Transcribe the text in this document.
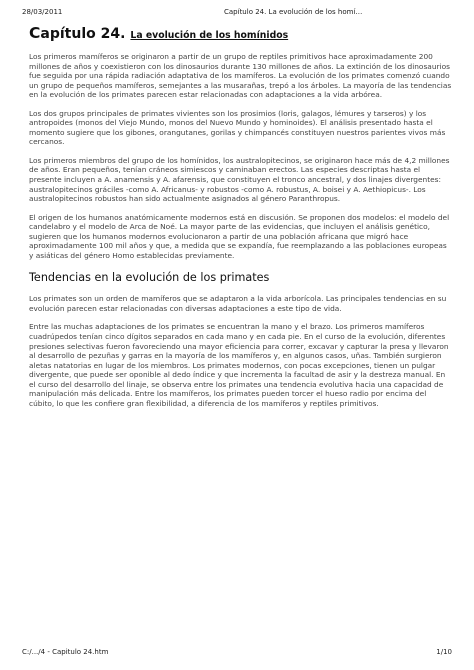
28/03/2011	Capítulo 24. La evolución de los homí…
C apítulo 24. La evolución de los homínidos

Los primeros mamíferos se originaron a partir de un grupo de reptiles primitivos hace aproximadamente 200 millones de años y coexistieron con los dinosaurios durante 130 millones de años. La extinción de los dinosaurios fue seguida por una rápida radiación adaptativa de los mamíferos. La evolución de los primates comenzó cuando un grupo de pequeños mamíferos, semejantes a las musarañas, trepó a los árboles. La mayoría de las tendencias en la evolución de los primates parecen estar relacionadas con adaptaciones a la vida arbórea.

Los dos grupos principales de primates vivientes son los prosimios (loris, galagos, lémures y tarseros) y los antropoides (monos del Viejo Mundo, monos del Nuevo Mundo y hominoides). El análisis presentado hasta el momento sugiere que los gibones, orangutanes, gorilas y chimpancés constituyen nuestros parientes vivos más cercanos.

Los primeros miembros del grupo de los homínidos, los australopitecinos, se originaron hace más de 4,2 millones de años. Eran pequeños, tenían cráneos simiescos y caminaban erectos. Las especies descriptas hasta el presente incluyen a A. anamensis y A. afarensis, que constituyen el tronco ancestral, y dos linajes divergentes: australopitecinos gráciles -como A. Africanus- y robustos -como A. robustus, A. boisei y A. Aethiopicus-. Los australopitecinos robustos han sido actualmente asignados al género Paranthropus.

El origen de los humanos anatómicamente modernos está en discusión. Se proponen dos modelos: el modelo del candelabro y el modelo de Arca de Noé. La mayor parte de las evidencias, que incluyen el análisis genético, sugieren que los humanos modernos evolucionaron a partir de una población africana que migró hace aproximadamente 100 mil años y que, a medida que se expandía, fue reemplazando a las poblaciones europeas y asiáticas del género Homo establecidas previamente.

Tendencias en la evolución de los primates

Los primates son un orden de mamíferos que se adaptaron a la vida arborícola. Las principales tendencias en su evolución parecen estar relacionadas con diversas adaptaciones a este tipo de vida.

Entre las muchas adaptaciones de los primates se encuentran la mano y el brazo. Los primeros mamíferos cuadrúpedos tenían cinco dígitos separados en cada mano y en cada pie. En el curso de la evolución, diferentes presiones selectivas fueron favoreciendo una mayor eficiencia para correr, excavar y capturar la presa y llevaron al desarrollo de pezuñas y garras en la mayoría de los mamíferos y, en algunos casos, uñas. También surgieron aletas natatorias en lugar de los miembros. Los primates modernos, con pocas excepciones, tienen un pulgar divergente, que puede ser oponible al dedo índice y que incrementa la facultad de asir y la destreza manual. En el curso del desarrollo del linaje, se observa entre los primates una tendencia evolutiva hacia una capacidad de manipulación más delicada. Entre los mamíferos, los primates pueden torcer el hueso radio por encima del cúbito, lo que les confiere gran flexibilidad, a diferencia de los mamíferos y reptiles primitivos.

C:/.../4 - Capitulo 24.htm	1/10
